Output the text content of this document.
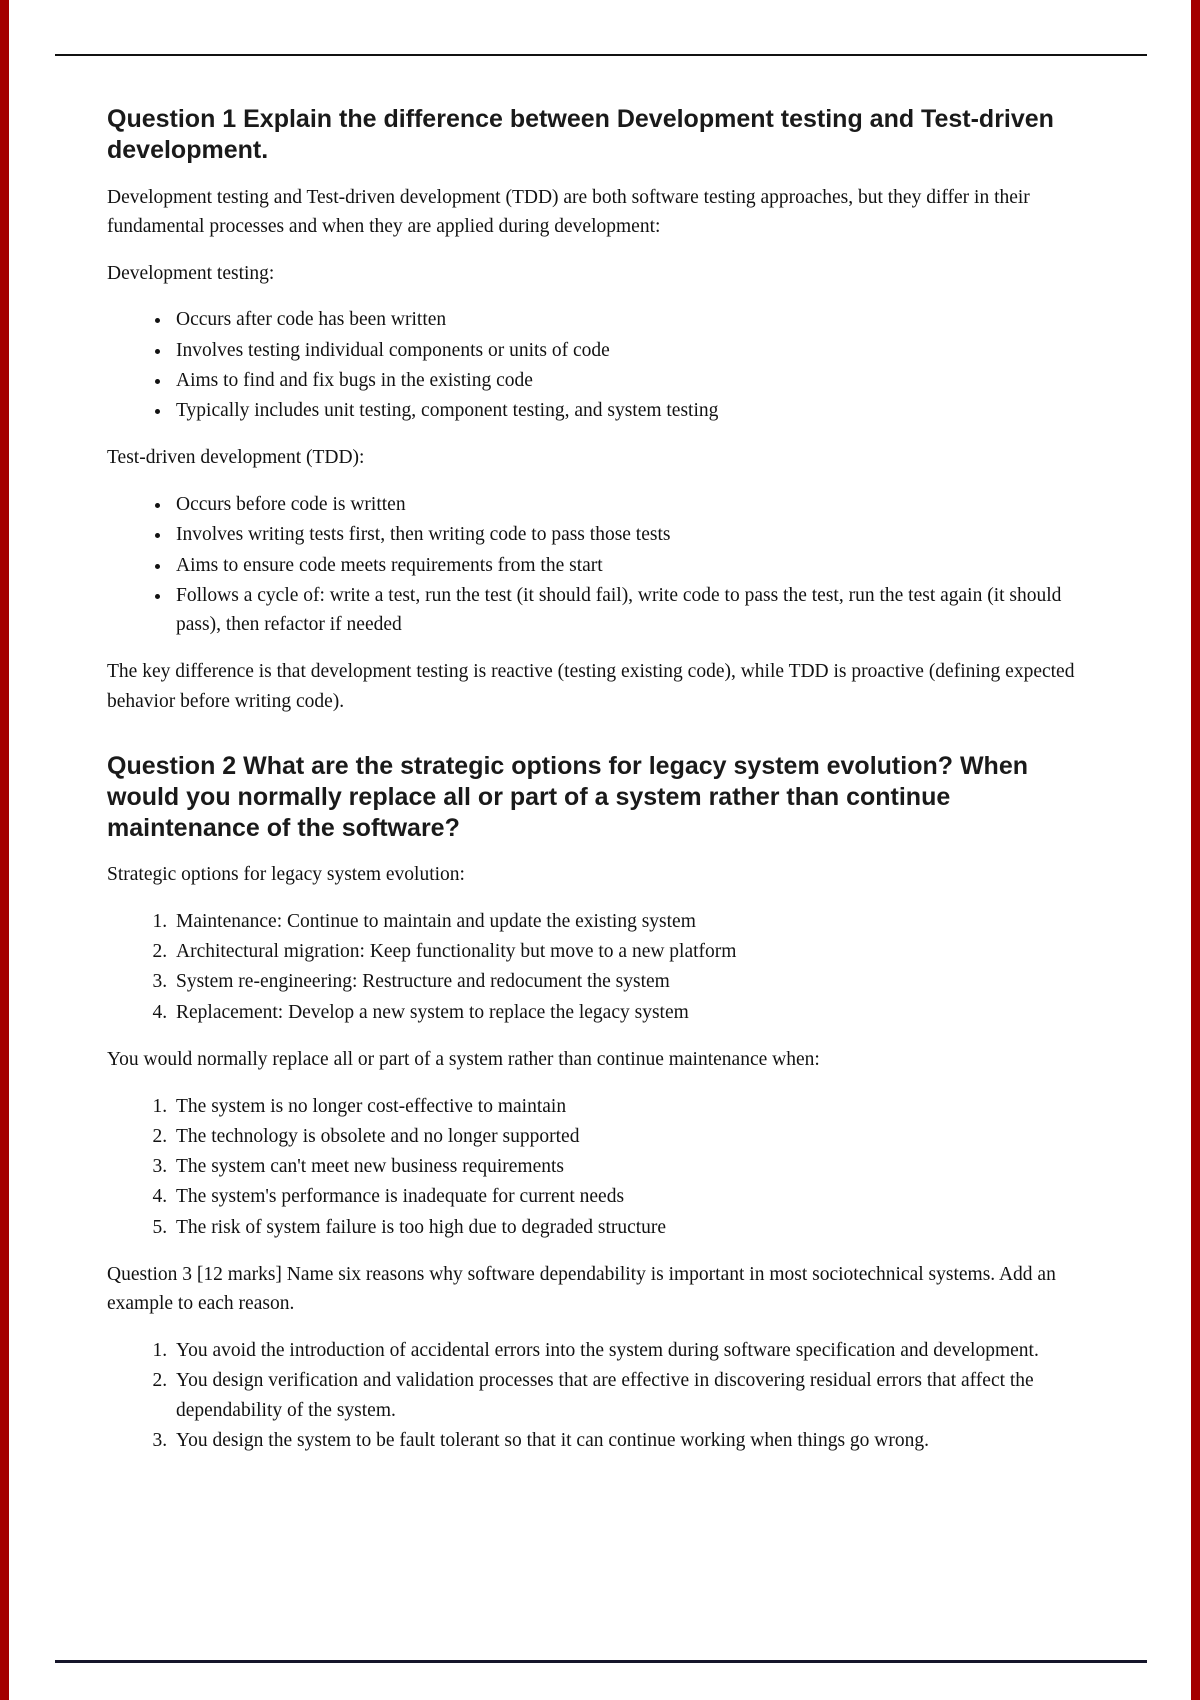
Question 1 Explain the difference between Development testing and Test-driven development.

Development testing and Test-driven development (TDD) are both software testing approaches, but they differ in their fundamental processes and when they are applied during development:

Development testing:

• Occurs after code has been written
• Involves testing individual components or units of code
• Aims to find and fix bugs in the existing code
• Typically includes unit testing, component testing, and system testing

Test-driven development (TDD):

• Occurs before code is written
• Involves writing tests first, then writing code to pass those tests
• Aims to ensure code meets requirements from the start
• Follows a cycle of: write a test, run the test (it should fail), write code to pass the test, run the test again (it should pass), then refactor if needed

The key difference is that development testing is reactive (testing existing code), while TDD is proactive (defining expected behavior before writing code).

Question 2 What are the strategic options for legacy system evolution? When would you normally replace all or part of a system rather than continue maintenance of the software?

Strategic options for legacy system evolution:

1. Maintenance: Continue to maintain and update the existing system
2. Architectural migration: Keep functionality but move to a new platform
3. System re-engineering: Restructure and redocument the system
4. Replacement: Develop a new system to replace the legacy system

You would normally replace all or part of a system rather than continue maintenance when:

1. The system is no longer cost-effective to maintain
2. The technology is obsolete and no longer supported
3. The system can't meet new business requirements
4. The system's performance is inadequate for current needs
5. The risk of system failure is too high due to degraded structure

Question 3 [12 marks] Name six reasons why software dependability is important in most sociotechnical systems. Add an example to each reason.

1. You avoid the introduction of accidental errors into the system during software specification and development.
2. You design verification and validation processes that are effective in discovering residual errors that affect the dependability of the system.
3. You design the system to be fault tolerant so that it can continue working when things go wrong.
